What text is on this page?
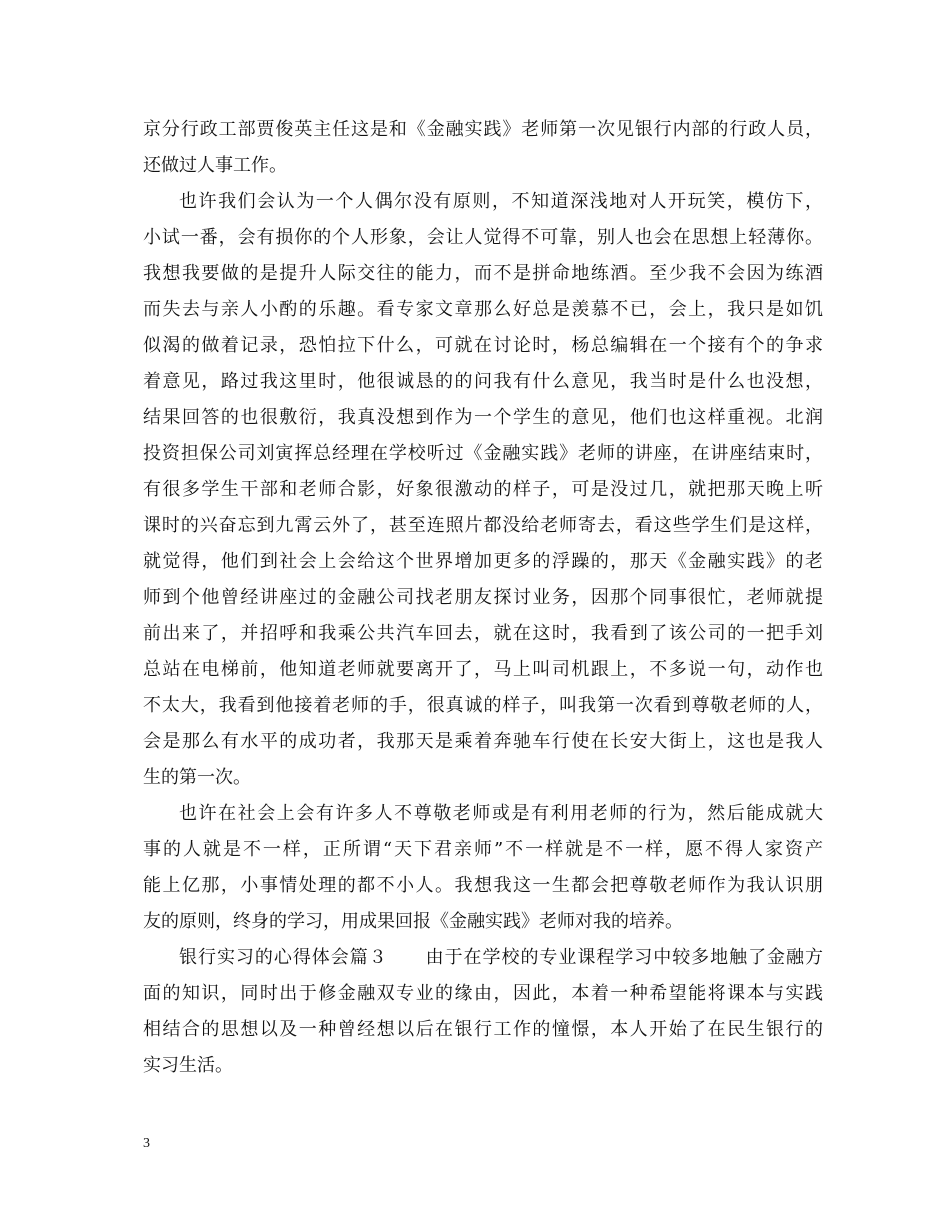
京分行政工部贾俊英主任这是和《金融实践》老师第一次见银行内部的行政人员，
还做过人事工作。
也许我们会认为一个人偶尔没有原则，不知道深浅地对人开玩笑，模仿下，
小试一番，会有损你的个人形象，会让人觉得不可靠，别人也会在思想上轻薄你。
我想我要做的是提升人际交往的能力，而不是拼命地练酒。至少我不会因为练酒
而失去与亲人小酌的乐趣。看专家文章那么好总是羡慕不已，会上，我只是如饥
似渴的做着记录，恐怕拉下什么，可就在讨论时，杨总编辑在一个接有个的争求
着意见，路过我这里时，他很诚恳的的问我有什么意见，我当时是什么也没想，
结果回答的也很敷衍，我真没想到作为一个学生的意见，他们也这样重视。北润
投资担保公司刘寅挥总经理在学校听过《金融实践》老师的讲座，在讲座结束时，
有很多学生干部和老师合影，好象很激动的样子，可是没过几，就把那天晚上听
课时的兴奋忘到九霄云外了，甚至连照片都没给老师寄去，看这些学生们是这样，
就觉得，他们到社会上会给这个世界增加更多的浮躁的，那天《金融实践》的老
师到个他曾经讲座过的金融公司找老朋友探讨业务，因那个同事很忙，老师就提
前出来了，并招呼和我乘公共汽车回去，就在这时，我看到了该公司的一把手刘
总站在电梯前，他知道老师就要离开了，马上叫司机跟上，不多说一句，动作也
不太大，我看到他接着老师的手，很真诚的样子，叫我第一次看到尊敬老师的人，
会是那么有水平的成功者，我那天是乘着奔驰车行使在长安大街上，这也是我人
生的第一次。
也许在社会上会有许多人不尊敬老师或是有利用老师的行为，然后能成就大
事的人就是不一样，正所谓“天下君亲师”不一样就是不一样，愿不得人家资产
能上亿那，小事情处理的都不小人。我想我这一生都会把尊敬老师作为我认识朋
友的原则，终身的学习，用成果回报《金融实践》老师对我的培养。
银行实习的心得体会篇３　　由于在学校的专业课程学习中较多地触了金融方
面的知识，同时出于修金融双专业的缘由，因此，本着一种希望能将课本与实践
相结合的思想以及一种曾经想以后在银行工作的憧憬，本人开始了在民生银行的
实习生活。
3
